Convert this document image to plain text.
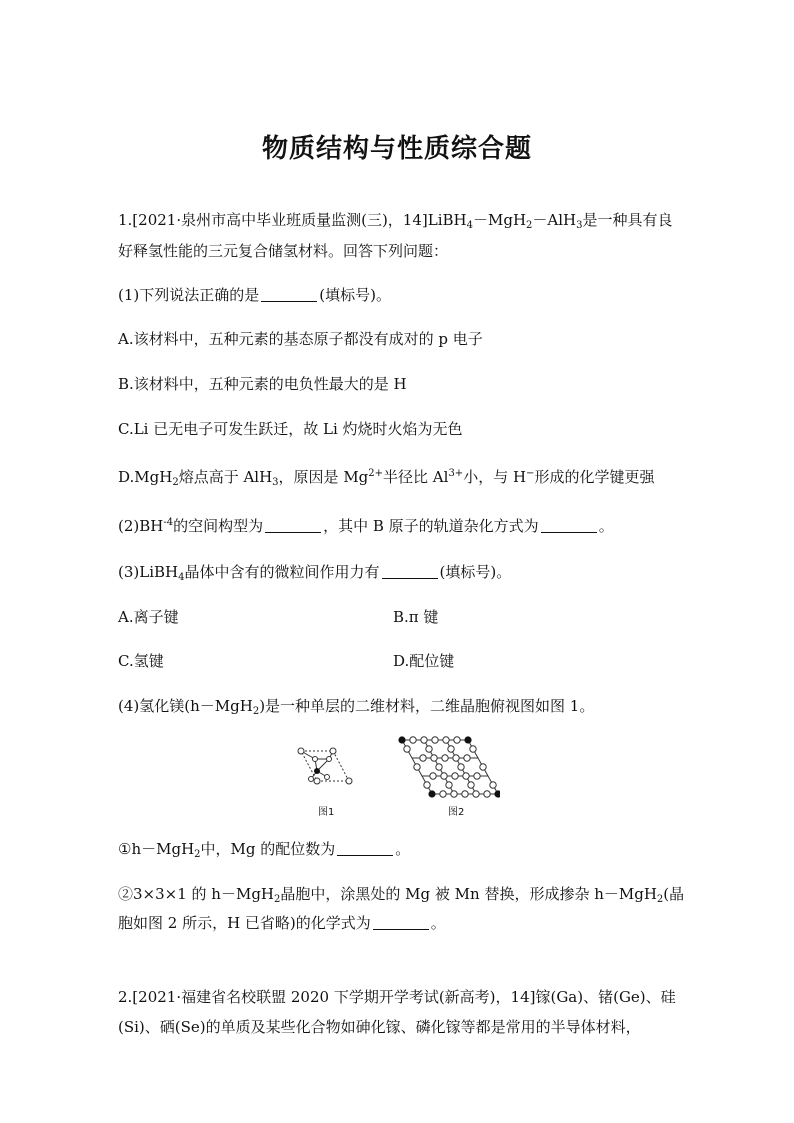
物质结构与性质综合题
1.[2021·泉州市高中毕业班质量监测(三)，14]LiBH$_4$－MgH$_2$－AlH$_3$是一种具有良
好释氢性能的三元复合储氢材料。回答下列问题：
(1)下列说法正确的是	(填标号)。
A.该材料中，五种元素的基态原子都没有成对的 p 电子
B.该材料中，五种元素的电负性最大的是 H
C.Li 已无电子可发生跃迁，故 Li 灼烧时火焰为无色
D.MgH$_2$熔点高于 AlH$_3$，原因是 $Mg^{2+}$半径比 $Al^{3+}$小，与 H−形成的化学键更强
$(2)BH^{-4}$的空间构型为	，其中 B 原子的轨道杂化方式为	。
(3)LiBH$_4$晶体中含有的微粒间作用力有	(填标号)。
A.离子键	B.π 键
C.氢键	D.配位键
(4)氢化镁(h－MgH$_2$)是一种单层的二维材料，二维晶胞俯视图如图 1。
图1	图2
①h－MgH$_2$中，Mg 的配位数为	。
②3×3×1 的 h－MgH$_2$晶胞中，涂黑处的 Mg 被 Mn 替换，形成掺杂 h－MgH$_2$(晶
胞如图 2 所示，H 已省略)的化学式为	。
2.[2021·福建省名校联盟 2020 下学期开学考试(新高考)，14]镓(Ga)、锗(Ge)、硅
(Si)、硒(Se)的单质及某些化合物如砷化镓、磷化镓等都是常用的半导体材料，
